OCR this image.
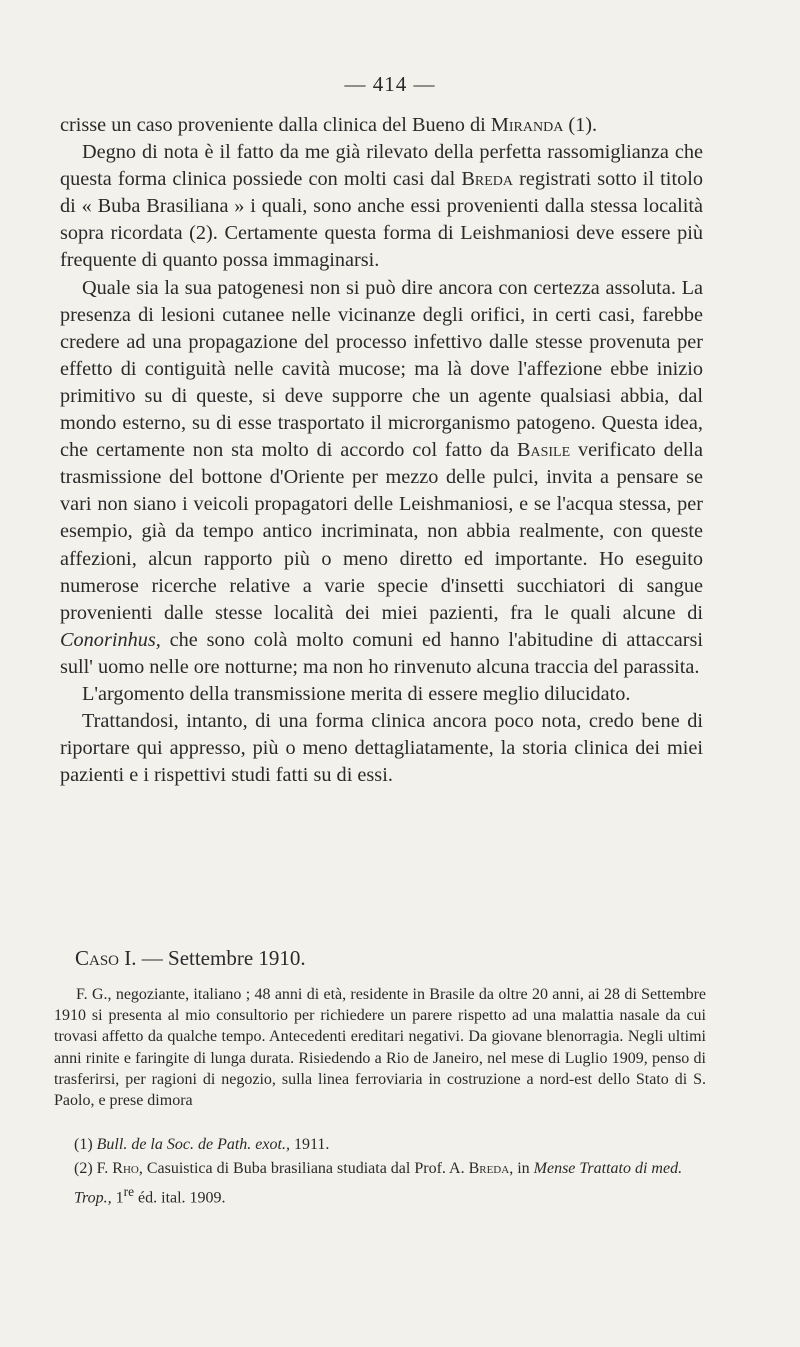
— 414 —

crisse un caso proveniente dalla clinica del Bueno di Miranda (1).

Degno di nota è il fatto da me già rilevato della perfetta rassomiglianza che questa forma clinica possiede con molti casi dal Breda registrati sotto il titolo di « Buba Brasiliana » i quali, sono anche essi provenienti dalla stessa località sopra ricordata (2). Certamente questa forma di Leishmaniosi deve essere più frequente di quanto possa immaginarsi.

Quale sia la sua patogenesi non si può dire ancora con certezza assoluta. La presenza di lesioni cutanee nelle vicinanze degli orifici, in certi casi, farebbe credere ad una propagazione del processo infettivo dalle stesse provenuta per effetto di contiguità nelle cavità mucose; ma là dove l'affezione ebbe inizio primitivo su di queste, si deve supporre che un agente qualsiasi abbia, dal mondo esterno, su di esse trasportato il microrganismo patogeno. Questa idea, che certamente non sta molto di accordo col fatto da Basile verificato della trasmissione del bottone d'Oriente per mezzo delle pulci, invita a pensare se vari non siano i veicoli propagatori delle Leishmaniosi, e se l'acqua stessa, per esempio, già da tempo antico incriminata, non abbia realmente, con queste affezioni, alcun rapporto più o meno diretto ed importante. Ho eseguito numerose ricerche relative a varie specie d'insetti succhiatori di sangue provenienti dalle stesse località dei miei pazienti, fra le quali alcune di Conorinhus, che sono colà molto comuni ed hanno l'abitudine di attaccarsi sull' uomo nelle ore notturne; ma non ho rinvenuto alcuna traccia del parassita.

L'argomento della transmissione merita di essere meglio dilucidato.

Trattandosi, intanto, di una forma clinica ancora poco nota, credo bene di riportare qui appresso, più o meno dettagliatamente, la storia clinica dei miei pazienti e i rispettivi studi fatti su di essi.

Caso I. — Settembre 1910.

F. G., negoziante, italiano ; 48 anni di età, residente in Brasile da oltre 20 anni, ai 28 di Settembre 1910 si presenta al mio consultorio per richiedere un parere rispetto ad una malattia nasale da cui trovasi affetto da qualche tempo. Antecedenti ereditari negativi. Da giovane blenorragia. Negli ultimi anni rinite e faringite di lunga durata. Risiedendo a Rio de Janeiro, nel mese di Luglio 1909, penso di trasferirsi, per ragioni di negozio, sulla linea ferroviaria in costruzione a nord-est dello Stato di S. Paolo, e prese dimora

(1) Bull. de la Soc. de Path. exot., 1911.
(2) F. Rho, Casuistica di Buba brasiliana studiata dal Prof. A. Breda, in Mense Trattato di med. Trop., 1re éd. ital. 1909.
